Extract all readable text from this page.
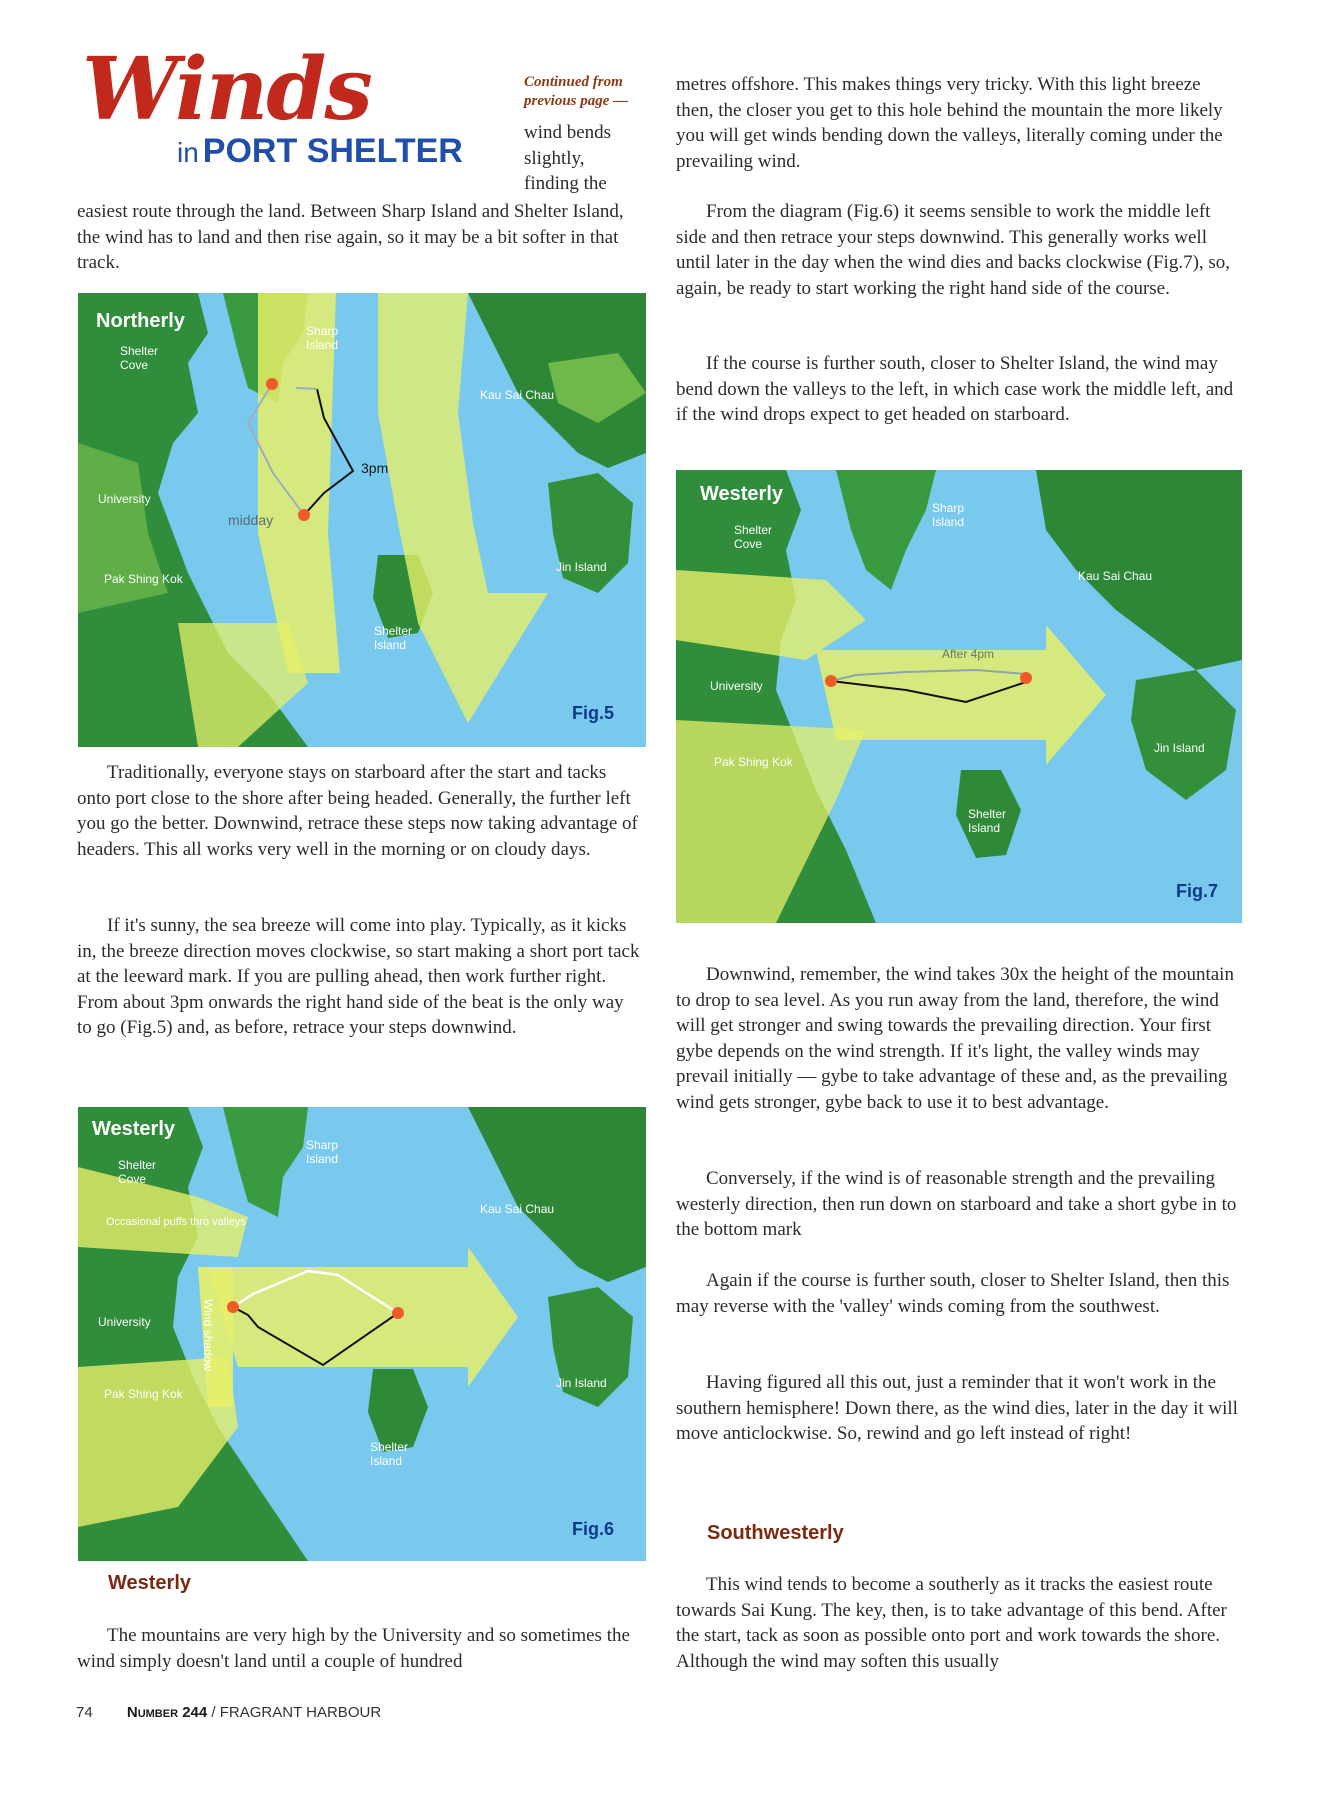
Winds
in PORT SHELTER
Continued from previous page —
wind bends
slightly,
finding the

easiest route through the land. Between Sharp Island and Shelter Island, the wind has to land and then rise again, so it may be a bit softer in that track.

Northerly
Shelter
Cove
Sharp
Island
Kau Sai Chau
University
Pak Shing Kok
Jin Island
Shelter
Island
3pm
midday
Fig.5

Traditionally, everyone stays on starboard after the start and tacks onto port close to the shore after being headed. Generally, the further left you go the better. Downwind, retrace these steps now taking advantage of headers. This all works very well in the morning or on cloudy days.

If it's sunny, the sea breeze will come into play. Typically, as it kicks in, the breeze direction moves clockwise, so start making a short port tack at the leeward mark. If you are pulling ahead, then work further right. From about 3pm onwards the right hand side of the beat is the only way to go (Fig.5) and, as before, retrace your steps downwind.

Westerly
Shelter
Cove
Sharp
Island
Kau Sai Chau
Occasional puffs thro valleys
University	Wind shadow
Pak Shing Kok
Jin Island
Shelter
Island
Fig.6
Westerly

The mountains are very high by the University and so sometimes the wind simply doesn't land until a couple of hundred

metres offshore. This makes things very tricky. With this light breeze then, the closer you get to this hole behind the mountain the more likely you will get winds bending down the valleys, literally coming under the prevailing wind.

From the diagram (Fig.6) it seems sensible to work the middle left side and then retrace your steps downwind. This generally works well until later in the day when the wind dies and backs clockwise (Fig.7), so, again, be ready to start working the right hand side of the course.

If the course is further south, closer to Shelter Island, the wind may bend down the valleys to the left, in which case work the middle left, and if the wind drops expect to get headed on starboard.

Westerly
Shelter
Cove
Sharp
Island
Kau Sai Chau
After 4pm
University
Pak Shing Kok
Jin Island
Shelter
Island
Fig.7

Downwind, remember, the wind takes 30x the height of the mountain to drop to sea level. As you run away from the land, therefore, the wind will get stronger and swing towards the prevailing direction. Your first gybe depends on the wind strength. If it's light, the valley winds may prevail initially — gybe to take advantage of these and, as the prevailing wind gets stronger, gybe back to use it to best advantage.

Conversely, if the wind is of reasonable strength and the prevailing westerly direction, then run down on starboard and take a short gybe in to the bottom mark

Again if the course is further south, closer to Shelter Island, then this may reverse with the 'valley' winds coming from the southwest.

Having figured all this out, just a reminder that it won't work in the southern hemisphere! Down there, as the wind dies, later in the day it will move anticlockwise. So, rewind and go left instead of right!

Southwesterly

This wind tends to become a southerly as it tracks the easiest route towards Sai Kung. The key, then, is to take advantage of this bend. After the start, tack as soon as possible onto port and work towards the shore. Although the wind may soften this usually

74 Number 244 / FRAGRANT HARBOUR
